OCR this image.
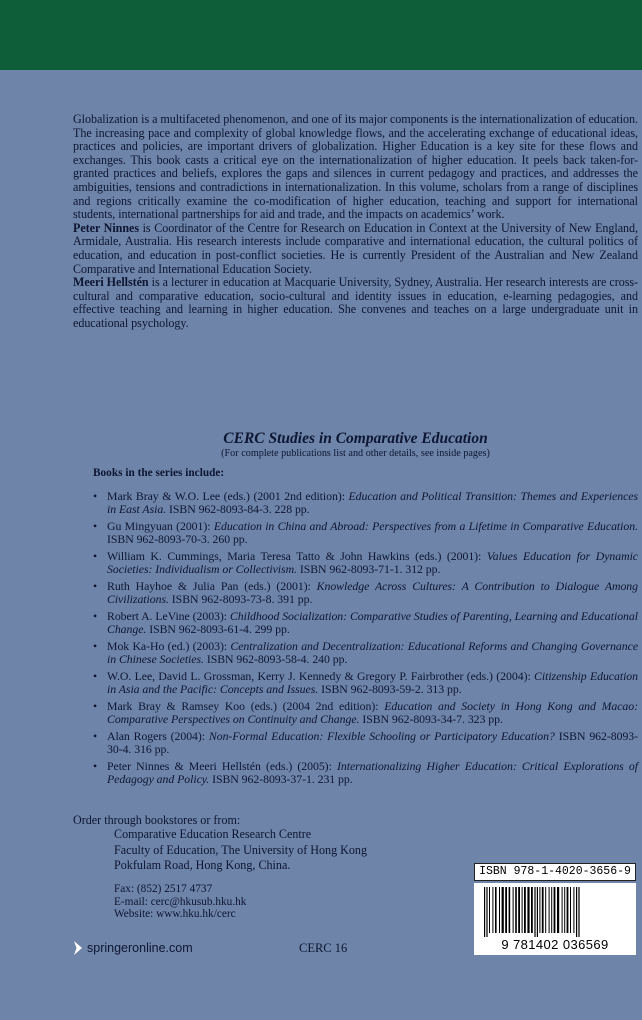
Globalization is a multifaceted phenomenon, and one of its major components is the internationalization of education. The increasing pace and complexity of global knowledge flows, and the accelerating exchange of educational ideas, practices and policies, are important drivers of globalization. Higher Education is a key site for these flows and exchanges. This book casts a critical eye on the internationalization of higher education. It peels back taken-for-granted practices and beliefs, explores the gaps and silences in current pedagogy and practices, and addresses the ambiguities, tensions and contradictions in internationalization. In this volume, scholars from a range of disciplines and regions critically examine the co-modification of higher education, teaching and support for international students, international partnerships for aid and trade, and the impacts on academics’ work.

Peter Ninnes is Coordinator of the Centre for Research on Education in Context at the University of New England, Armidale, Australia. His research interests include comparative and international education, the cultural politics of education, and education in post-conflict societies. He is currently President of the Australian and New Zealand Comparative and International Education Society.

Meeri Hellstén is a lecturer in education at Macquarie University, Sydney, Australia. Her research interests are cross-cultural and comparative education, socio-cultural and identity issues in education, e-learning pedagogies, and effective teaching and learning in higher education. She convenes and teaches on a large undergraduate unit in educational psychology.

CERC Studies in Comparative Education
(For complete publications list and other details, see inside pages)
Books in the series include:
• Mark Bray & W.O. Lee (eds.) (2001 2nd edition): Education and Political Transition: Themes and Experiences in East Asia. ISBN 962-8093-84-3. 228 pp.
• Gu Mingyuan (2001): Education in China and Abroad: Perspectives from a Lifetime in Comparative Education. ISBN 962-8093-70-3. 260 pp.
• William K. Cummings, Maria Teresa Tatto & John Hawkins (eds.) (2001): Values Education for Dynamic Societies: Individualism or Collectivism. ISBN 962-8093-71-1. 312 pp.
• Ruth Hayhoe & Julia Pan (eds.) (2001): Knowledge Across Cultures: A Contribution to Dialogue Among Civilizations. ISBN 962-8093-73-8. 391 pp.
• Robert A. LeVine (2003): Childhood Socialization: Comparative Studies of Parenting, Learning and Educational Change. ISBN 962-8093-61-4. 299 pp.
• Mok Ka-Ho (ed.) (2003): Centralization and Decentralization: Educational Reforms and Changing Governance in Chinese Societies. ISBN 962-8093-58-4. 240 pp.
• W.O. Lee, David L. Grossman, Kerry J. Kennedy & Gregory P. Fairbrother (eds.) (2004): Citizenship Education in Asia and the Pacific: Concepts and Issues. ISBN 962-8093-59-2. 313 pp.
• Mark Bray & Ramsey Koo (eds.) (2004 2nd edition): Education and Society in Hong Kong and Macao: Comparative Perspectives on Continuity and Change. ISBN 962-8093-34-7. 323 pp.
• Alan Rogers (2004): Non-Formal Education: Flexible Schooling or Participatory Education? ISBN 962-8093-30-4. 316 pp.
• Peter Ninnes & Meeri Hellstén (eds.) (2005): Internationalizing Higher Education: Critical Explorations of Pedagogy and Policy. ISBN 962-8093-37-1. 231 pp.
Order through bookstores or from:
Comparative Education Research Centre
Faculty of Education, The University of Hong Kong
Pokfulam Road, Hong Kong, China.
Fax: (852) 2517 4737
E-mail: cerc@hkusub.hku.hk
Website: www.hku.hk/cerc
springeronline.com	CERC 16
ISBN 978-1-4020-3656-9
9 781402 036569
